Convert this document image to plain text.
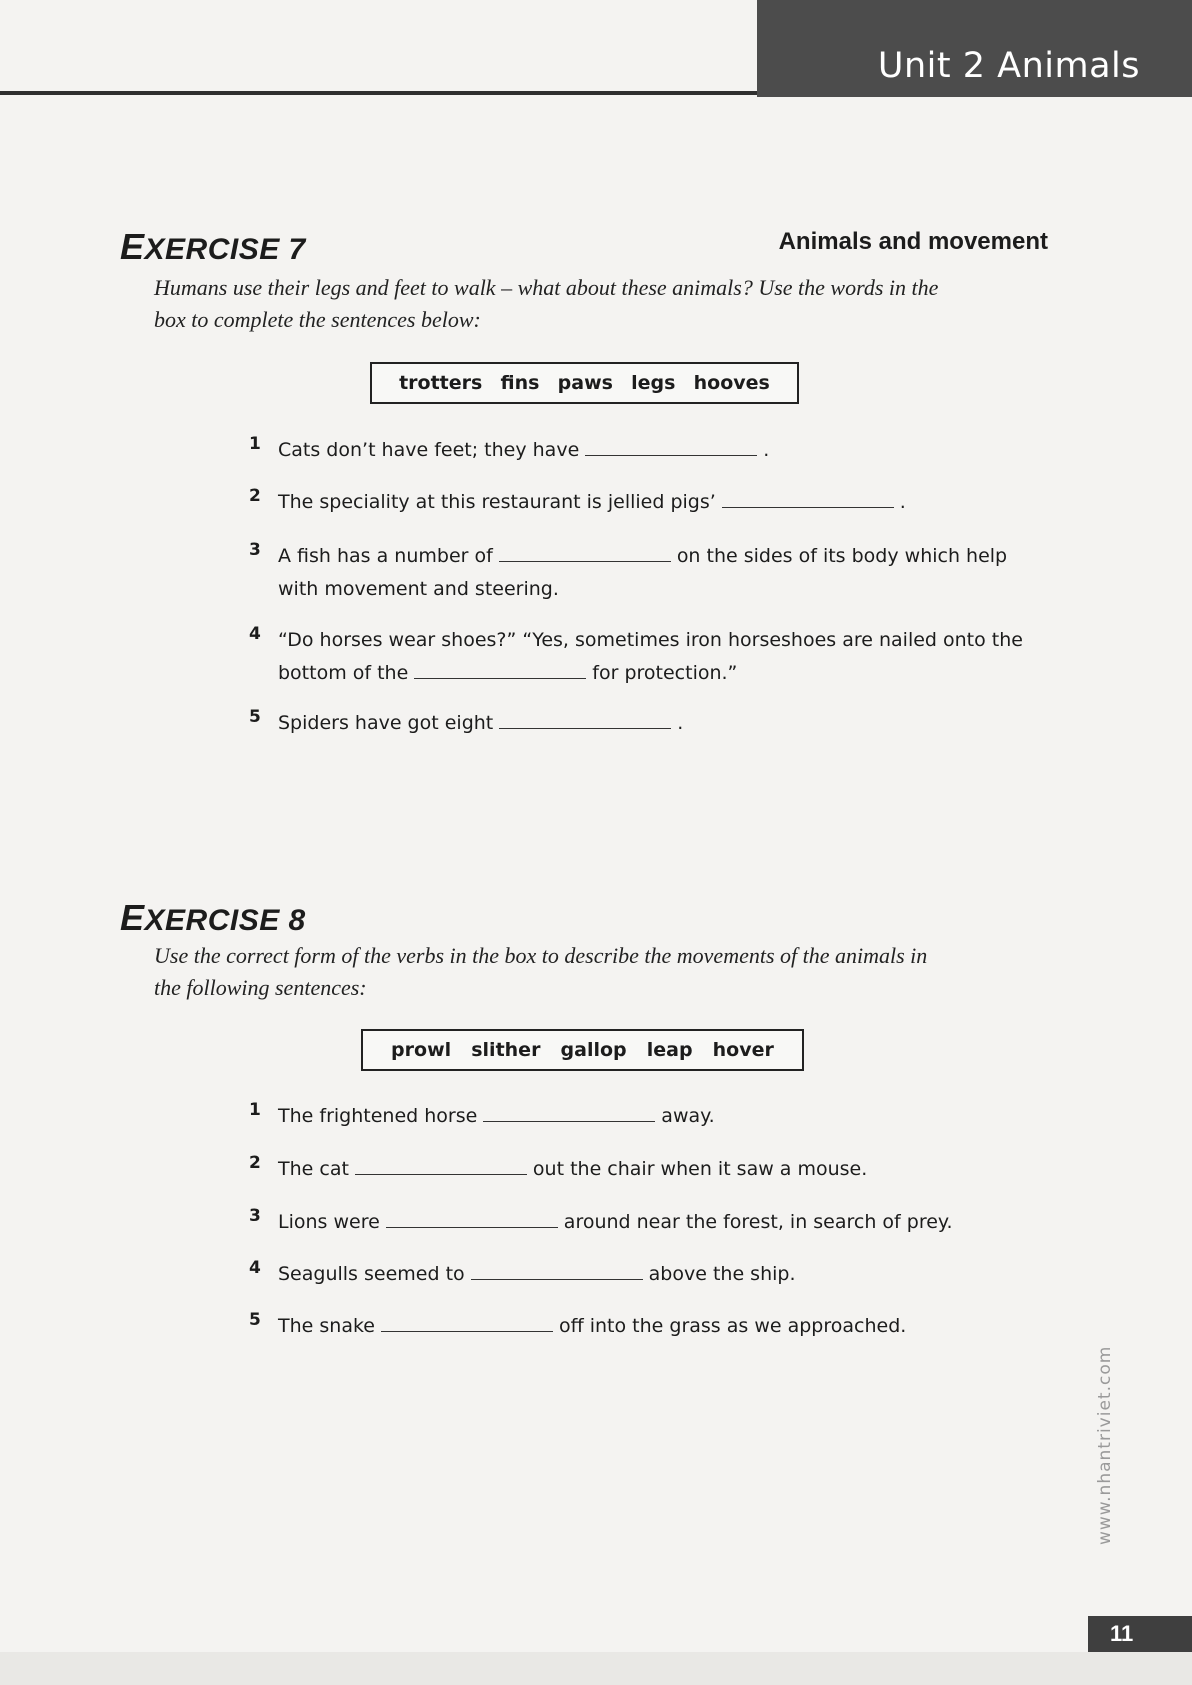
Unit 2 Animals
EXERCISE 7	Animals and movement
Humans use their legs and feet to walk – what about these animals? Use the words in the
box to complete the sentences below:
trotters fins paws legs hooves
1 Cats don’t have feet; they have	.
2 The speciality at this restaurant is jellied pigs’	.
3 A fish has a number of	on the sides of its body which help
with movement and steering.
4 “Do horses wear shoes?” “Yes, sometimes iron horseshoes are nailed onto the
bottom of the	for protection.”
5 Spiders have got eight	.
EXERCISE 8
Use the correct form of the verbs in the box to describe the movements of the animals in
the following sentences:
prowl slither gallop leap hover
1 The frightened horse	away.
2 The cat	out the chair when it saw a mouse.
3 Lions were	around near the forest, in search of prey.
4 Seagulls seemed to	above the ship.
5 The snake	off into the grass as we approached.
www.nhantriviet.com
11
